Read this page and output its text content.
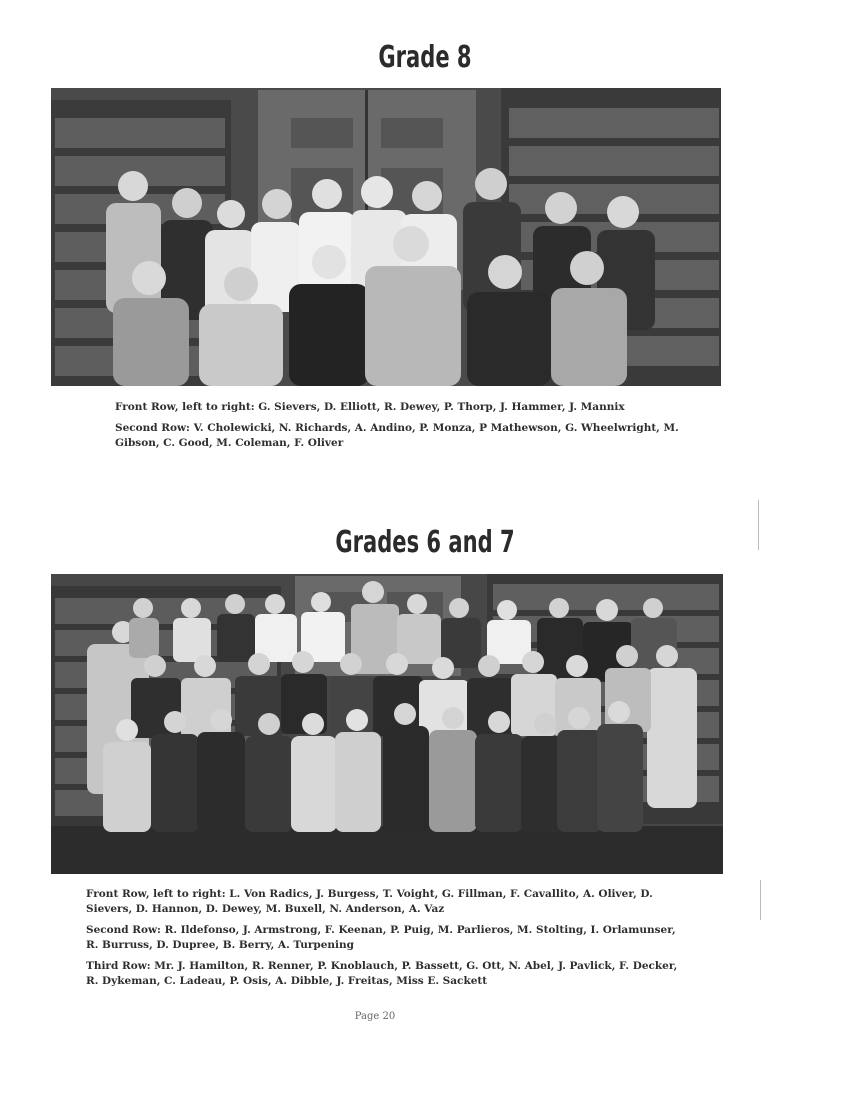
Grade 8

Front Row, left to right: G. Sievers, D. Elliott, R. Dewey, P. Thorp, J. Hammer, J. Mannix

Second Row: V. Cholewicki, N. Richards, A. Andino, P. Monza, P Mathewson, G. Wheelwright, M. Gibson, C. Good, M. Coleman, F. Oliver

Grades 6 and 7

Front Row, left to right: L. Von Radics, J. Burgess, T. Voight, G. Fillman, F. Cavallito, A. Oliver, D. Sievers, D. Hannon, D. Dewey, M. Buxell, N. Anderson, A. Vaz

Second Row: R. Ildefonso, J. Armstrong, F. Keenan, P. Puig, M. Parlieros, M. Stolting, I. Orlamunser, R. Burruss, D. Dupree, B. Berry, A. Turpening

Third Row: Mr. J. Hamilton, R. Renner, P. Knoblauch, P. Bassett, G. Ott, N. Abel, J. Pavlick, F. Decker, R. Dykeman, C. Ladeau, P. Osis, A. Dibble, J. Freitas, Miss E. Sackett

Page 20
